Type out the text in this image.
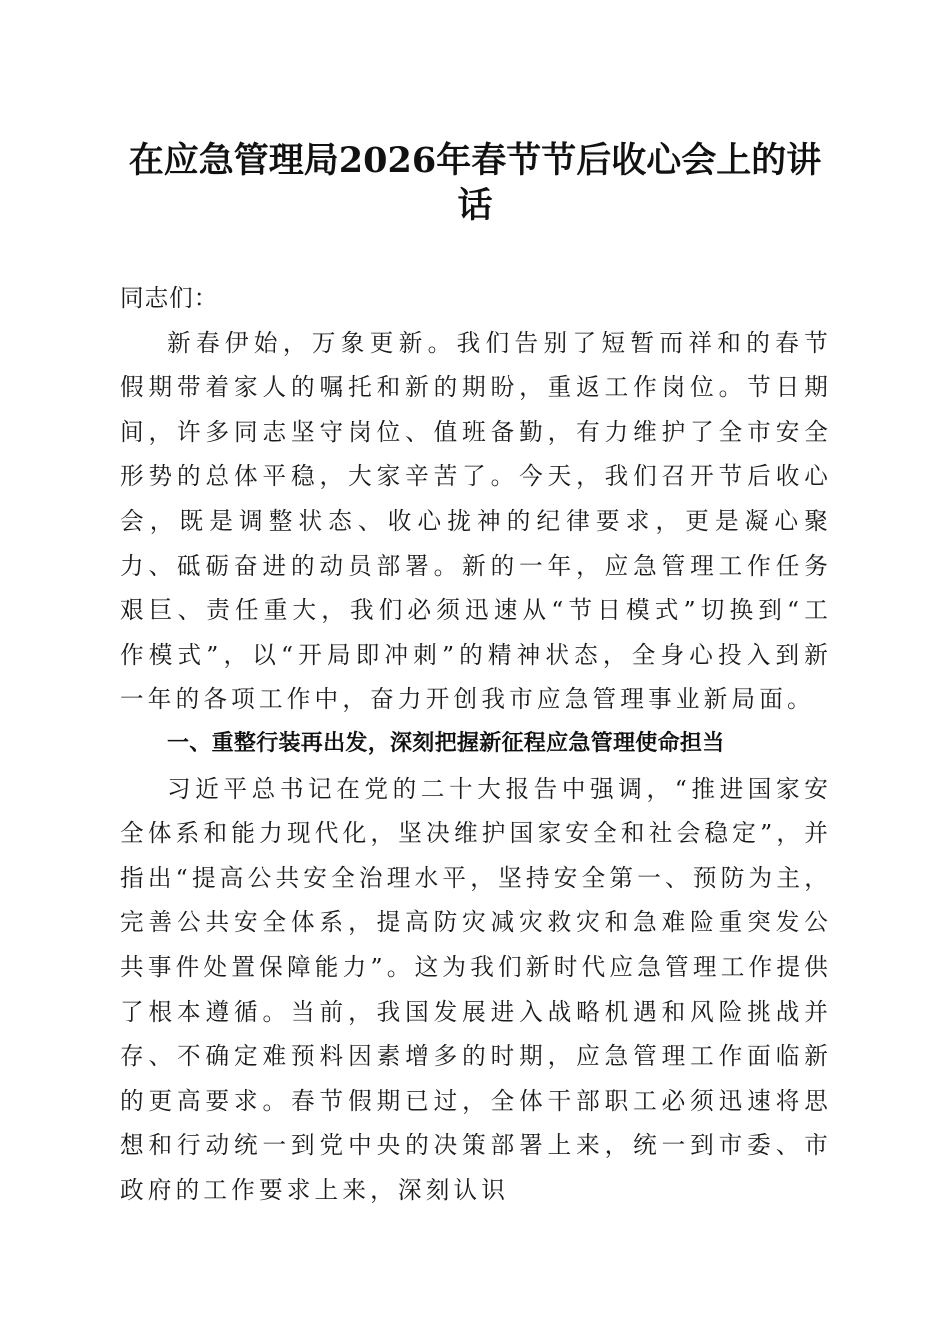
在应急管理局2026年春节节后收心会上的讲话

同志们：

新春伊始，万象更新。我们告别了短暂而祥和的春节假期带着家人的嘱托和新的期盼，重返工作岗位。节日期间，许多同志坚守岗位、值班备勤，有力维护了全市安全形势的总体平稳，大家辛苦了。今天，我们召开节后收心会，既是调整状态、收心拢神的纪律要求，更是凝心聚力、砥砺奋进的动员部署。新的一年，应急管理工作任务艰巨、责任重大，我们必须迅速从“节日模式”切换到“工作模式”，以“开局即冲刺”的精神状态，全身心投入到新一年的各项工作中，奋力开创我市应急管理事业新局面。

一、重整行装再出发，深刻把握新征程应急管理使命担当

习近平总书记在党的二十大报告中强调，“推进国家安全体系和能力现代化，坚决维护国家安全和社会稳定”，并指出“提高公共安全治理水平，坚持安全第一、预防为主，完善公共安全体系，提高防灾减灾救灾和急难险重突发公共事件处置保障能力”。这为我们新时代应急管理工作提供了根本遵循。当前，我国发展进入战略机遇和风险挑战并存、不确定难预料因素增多的时期，应急管理工作面临新的更高要求。春节假期已过，全体干部职工必须迅速将思想和行动统一到党中央的决策部署上来，统一到市委、市政府的工作要求上来，深刻认识
